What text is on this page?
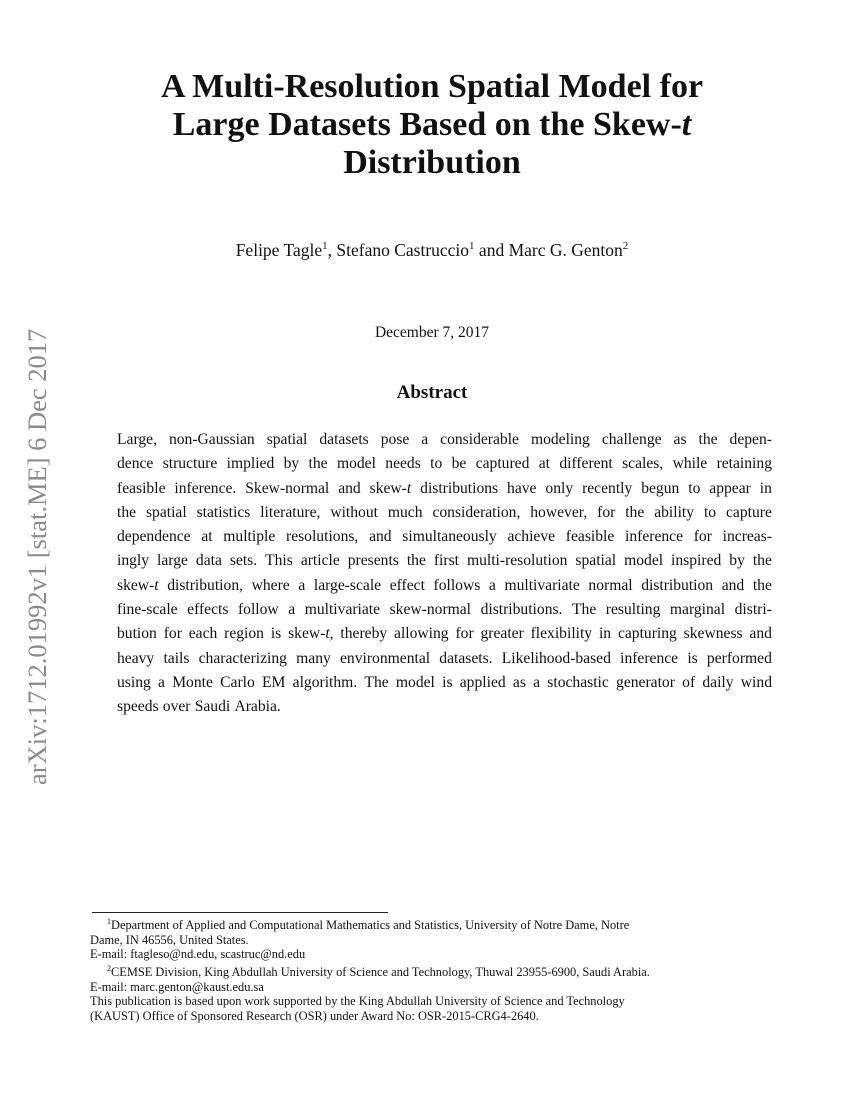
arXiv:1712.01992v1 [stat.ME] 6 Dec 2017
A Multi-Resolution Spatial Model for
Large Datasets Based on the Skew-t
Distribution
Felipe Tagle$^1$, Stefano Castruccio$^1$ and Marc G. Genton$^2$
December 7, 2017
Abstract
Large, non-Gaussian spatial datasets pose a considerable modeling challenge as the depen-
dence structure implied by the model needs to be captured at different scales, while retaining
feasible inference. Skew-normal and skew-t distributions have only recently begun to appear in
the spatial statistics literature, without much consideration, however, for the ability to capture
dependence at multiple resolutions, and simultaneously achieve feasible inference for increas-
ingly large data sets. This article presents the first multi-resolution spatial model inspired by the
skew-t distribution, where a large-scale effect follows a multivariate normal distribution and the
fine-scale effects follow a multivariate skew-normal distributions. The resulting marginal distri-
bution for each region is skew-t, thereby allowing for greater flexibility in capturing skewness and
heavy tails characterizing many environmental datasets. Likelihood-based inference is performed
using a Monte Carlo EM algorithm. The model is applied as a stochastic generator of daily wind
speeds over Saudi Arabia.
$^1$Department of Applied and Computational Mathematics and Statistics, University of Notre Dame, Notre
Dame, IN 46556, United States.
E-mail: ftagleso@nd.edu, scastruc@nd.edu
$^2$CEMSE Division, King Abdullah University of Science and Technology, Thuwal 23955-6900, Saudi Arabia.
E-mail: marc.genton@kaust.edu.sa
This publication is based upon work supported by the King Abdullah University of Science and Technology
(KAUST) Office of Sponsored Research (OSR) under Award No: OSR-2015-CRG4-2640.
